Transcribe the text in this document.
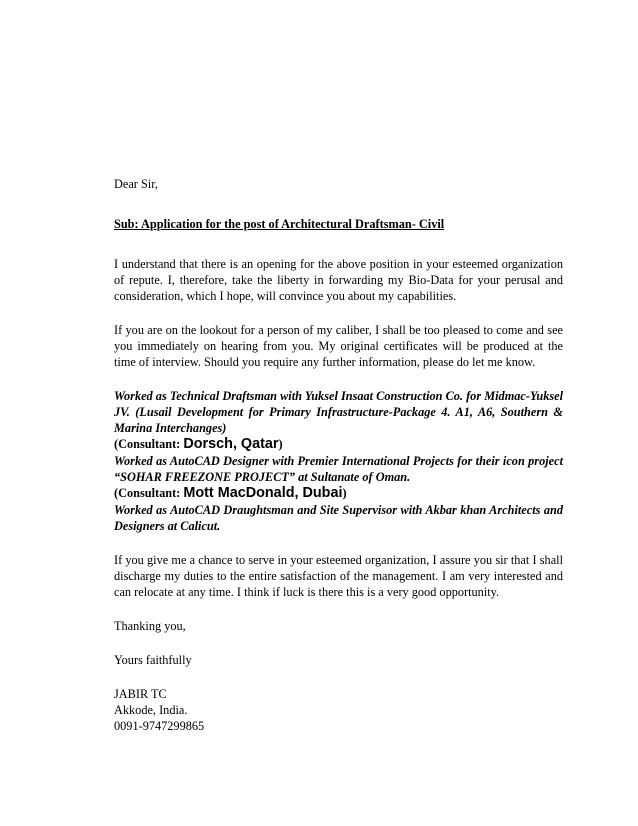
Dear Sir,

Sub: Application for the post of Architectural Draftsman- Civil

I understand that there is an opening for the above position in your esteemed organization of repute. I, therefore, take the liberty in forwarding my Bio-Data for your perusal and consideration, which I hope, will convince you about my capabilities.

If you are on the lookout for a person of my caliber, I shall be too pleased to come and see you immediately on hearing from you. My original certificates will be produced at the time of interview. Should you require any further information, please do let me know.

Worked as Technical Draftsman with Yuksel Insaat Construction Co. for Midmac-Yuksel JV. (Lusail Development for Primary Infrastructure-Package 4. A1, A6, Southern & Marina Interchanges)

(Consultant: Dorsch, Qatar)

Worked as AutoCAD Designer with Premier International Projects for their icon project “SOHAR FREEZONE PROJECT” at Sultanate of Oman.

(Consultant: Mott MacDonald, Dubai)

Worked as AutoCAD Draughtsman and Site Supervisor with Akbar khan Architects and Designers at Calicut.

If you give me a chance to serve in your esteemed organization, I assure you sir that I shall discharge my duties to the entire satisfaction of the management. I am very interested and can relocate at any time. I think if luck is there this is a very good opportunity.

Thanking you,

Yours faithfully

JABIR TC

Akkode, India.

0091-9747299865
